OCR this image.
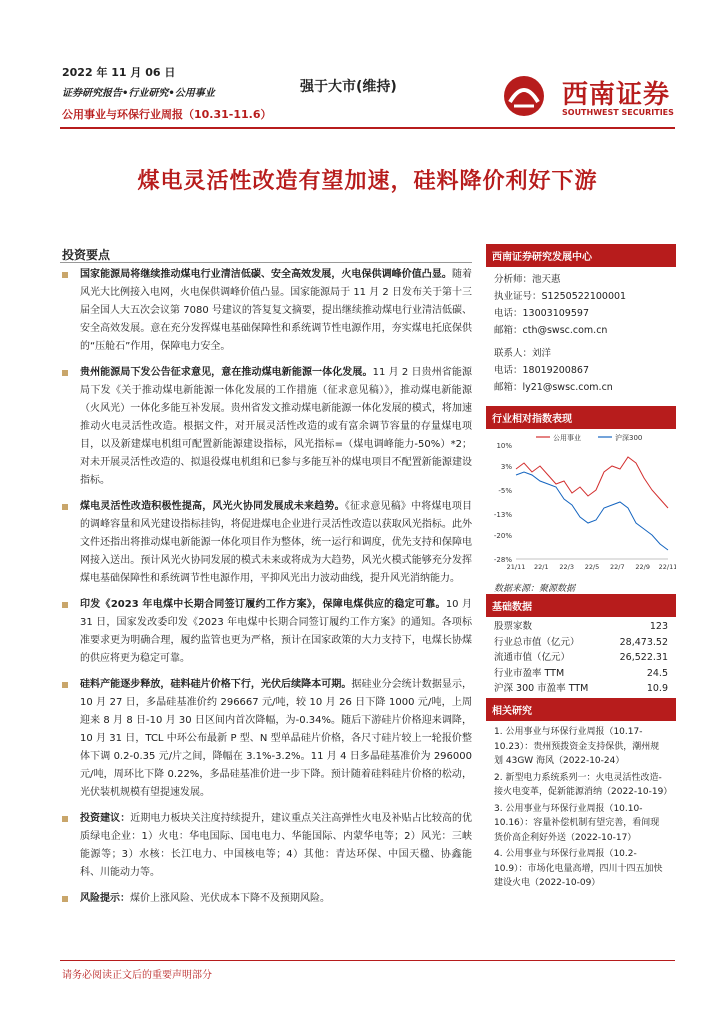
2022 年 11 月 06 日
证券研究报告•行业研究•公用事业
公用事业与环保行业周报（10.31-11.6）
强于大市(维持)	西南证券
SOUTHWEST SECURITIES
煤电灵活性改造有望加速，硅料降价利好下游
投资要点
国家能源局将继续推动煤电行业清洁低碳、安全高效发展，火电保供调峰价值凸显。随着风光大比例接入电网，火电保供调峰价值凸显。国家能源局于 11 月 2 日发布关于第十三届全国人大五次会议第 7080 号建议的答复复文摘要，提出继续推动煤电行业清洁低碳、安全高效发展。意在充分发挥煤电基础保障性和系统调节性电源作用，夯实煤电托底保供的“压舱石”作用，保障电力安全。
贵州能源局下发公告征求意见，意在推动煤电新能源一体化发展。11 月 2 日贵州省能源局下发《关于推动煤电新能源一体化发展的工作措施（征求意见稿）》，推动煤电新能源（火风光）一体化多能互补发展。贵州省发文推动煤电新能源一体化发展的模式，将加速推动火电灵活性改造。根据文件，对开展灵活性改造的或有富余调节容量的存量煤电项目，以及新建煤电机组可配置新能源建设指标，风光指标=（煤电调峰能力-50%）*2；对未开展灵活性改造的、拟退役煤电机组和已参与多能互补的煤电项目不配置新能源建设指标。
煤电灵活性改造积极性提高，风光火协同发展成未来趋势。《征求意见稿》中将煤电项目的调峰容量和风光建设指标挂钩，将促进煤电企业进行灵活性改造以获取风光指标。此外文件还指出将推动煤电新能源一体化项目作为整体，统一运行和调度，优先支持和保障电网接入送出。预计风光火协同发展的模式未来或将成为大趋势，风光火模式能够充分发挥煤电基础保障性和系统调节性电源作用，平抑风光出力波动曲线，提升风光消纳能力。
印发《2023 年电煤中长期合同签订履约工作方案》，保障电煤供应的稳定可靠。10 月 31 日，国家发改委印发《2023 年电煤中长期合同签订履约工作方案》的通知。各项标准要求更为明确合理，履约监管也更为严格，预计在国家政策的大力支持下，电煤长协煤的供应将更为稳定可靠。
硅料产能逐步释放，硅料硅片价格下行，光伏后续降本可期。据硅业分会统计数据显示，10 月 27 日，多晶硅基准价约 296667 元/吨，较 10 月 26 日下降 1000 元/吨，上周迎来 8 月 8 日-10 月 30 日区间内首次降幅，为-0.34%。随后下游硅片价格迎来调降，10 月 31 日，TCL 中环公布最新 P 型、N 型单晶硅片价格，各尺寸硅片较上一轮报价整体下调 0.2-0.35 元/片之间，降幅在 3.1%-3.2%。11 月 4 日多晶硅基准价为 296000 元/吨，周环比下降 0.22%，多晶硅基准价进一步下降。预计随着硅料硅片价格的松动，光伏装机规模有望提速发展。
投资建议：近期电力板块关注度持续提升，建议重点关注高弹性火电及补贴占比较高的优质绿电企业：1）火电：华电国际、国电电力、华能国际、内蒙华电等；2）风光：三峡能源等；3）水核：长江电力、中国核电等；4）其他：青达环保、中国天楹、协鑫能科、川能动力等。
风险提示：煤价上涨风险、光伏成本下降不及预期风险。
西南证券研究发展中心
分析师：池天惠
执业证号：S1250522100001
电话：13003109597
邮箱：cth@swsc.com.cn
联系人：刘洋
电话：18019200867
邮箱：ly21@swsc.com.cn
行业相对指数表现
10%
3%
-5%
-13%
-20%
-28%
21/11 22/1 22/3 22/5 22/7 22/9 22/11
公用事业	沪深300
数据来源：聚源数据
基础数据
股票家数	123
行业总市值（亿元）	28,473.52
流通市值（亿元）	26,522.31
行业市盈率 TTM	24.5
沪深 300 市盈率 TTM	10.9
相关研究
1. 公用事业与环保行业周报（10.17-10.23）：贵州预拨资金支持保供，潮州规划 43GW 海风（2022-10-24）
2. 新型电力系统系列一：火电灵活性改造-接火电变革，促新能源消纳（2022-10-19）
3. 公用事业与环保行业周报（10.10-10.16）：容量补偿机制有望完善，看间现货价高企利好外送（2022-10-17）
4. 公用事业与环保行业周报（10.2-10.9）：市场化电量高增，四川十四五加快建设火电（2022-10-09）
请务必阅读正文后的重要声明部分
